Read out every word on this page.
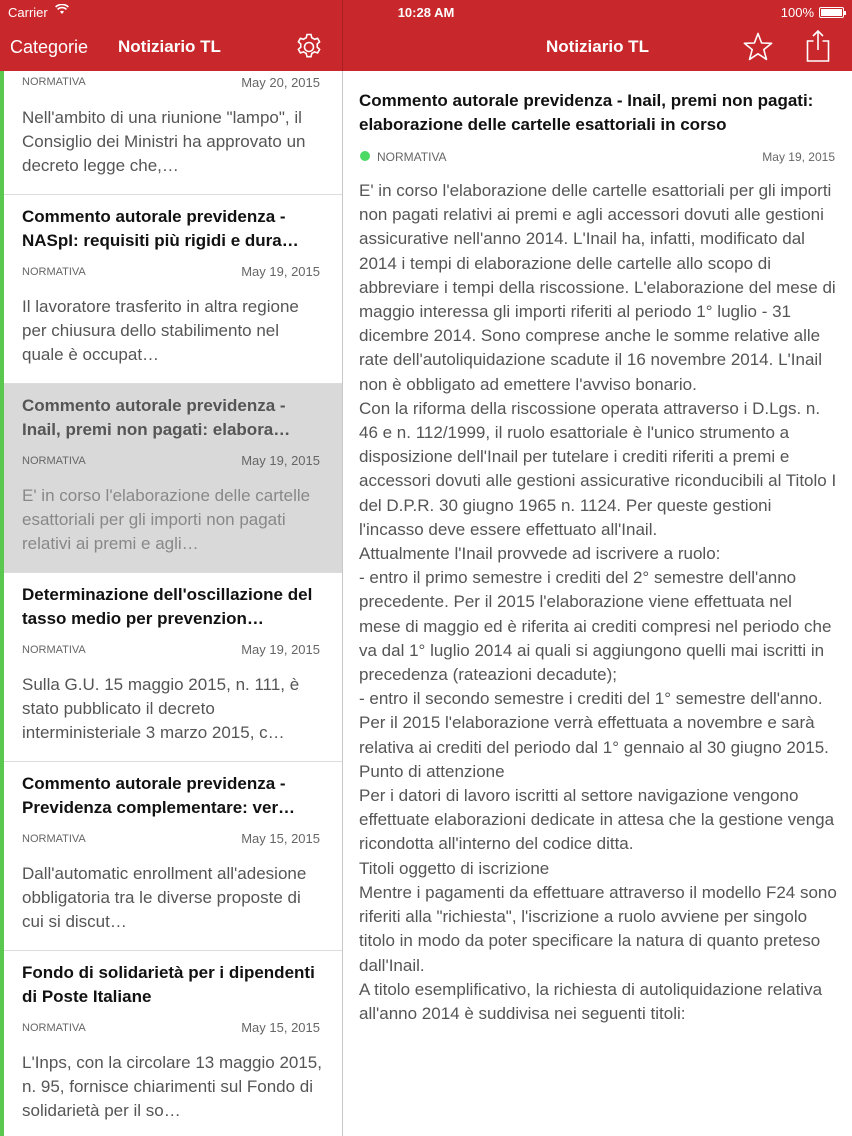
Carrier	10:28 AM	100%
Categorie Notiziario TL	Notiziario TL
NORMATIVA	May 20, 2015
Nell'ambito di una riunione "lampo", il Consiglio dei Ministri ha approvato un decreto legge che,…
Commento autorale previdenza - NASpI: requisiti più rigidi e dura…
NORMATIVA	May 19, 2015
Il lavoratore trasferito in altra regione per chiusura dello stabilimento nel quale è occupat…
Commento autorale previdenza - Inail, premi non pagati: elabora…
NORMATIVA	May 19, 2015
E' in corso l'elaborazione delle cartelle esattoriali per gli importi non pagati relativi ai premi e agli…
Determinazione dell'oscillazione del tasso medio per prevenzion…
NORMATIVA	May 19, 2015
Sulla G.U. 15 maggio 2015, n. 111, è stato pubblicato il decreto interministeriale 3 marzo 2015, c…
Commento autorale previdenza - Previdenza complementare: ver…
NORMATIVA	May 15, 2015
Dall'automatic enrollment all'adesione obbligatoria tra le diverse proposte di cui si discut…
Fondo di solidarietà per i dipendenti di Poste Italiane
NORMATIVA	May 15, 2015
L'Inps, con la circolare 13 maggio 2015, n. 95, fornisce chiarimenti sul Fondo di solidarietà per il so…
Commento autorale previdenza - Inail, premi non pagati: elaborazione delle cartelle esattoriali in corso
NORMATIVA	May 19, 2015

E' in corso l'elaborazione delle cartelle esattoriali per gli importi non pagati relativi ai premi e agli accessori dovuti alle gestioni assicurative nell'anno 2014. L'Inail ha, infatti, modificato dal 2014 i tempi di elaborazione delle cartelle allo scopo di abbreviare i tempi della riscossione. L'elaborazione del mese di maggio interessa gli importi riferiti al periodo 1° luglio - 31 dicembre 2014. Sono comprese anche le somme relative alle rate dell'autoliquidazione scadute il 16 novembre 2014. L'Inail non è obbligato ad emettere l'avviso bonario.

Con la riforma della riscossione operata attraverso i D.Lgs. n. 46 e n. 112/1999, il ruolo esattoriale è l'unico strumento a disposizione dell'Inail per tutelare i crediti riferiti a premi e accessori dovuti alle gestioni assicurative riconducibili al Titolo I del D.P.R. 30 giugno 1965 n. 1124. Per queste gestioni l'incasso deve essere effettuato all'Inail.

Attualmente l'Inail provvede ad iscrivere a ruolo:

- entro il primo semestre i crediti del 2° semestre dell'anno precedente. Per il 2015 l'elaborazione viene effettuata nel mese di maggio ed è riferita ai crediti compresi nel periodo che va dal 1° luglio 2014 ai quali si aggiungono quelli mai iscritti in precedenza (rateazioni decadute);

- entro il secondo semestre i crediti del 1° semestre dell'anno. Per il 2015 l'elaborazione verrà effettuata a novembre e sarà relativa ai crediti del periodo dal 1° gennaio al 30 giugno 2015.

Punto di attenzione

Per i datori di lavoro iscritti al settore navigazione vengono effettuate elaborazioni dedicate in attesa che la gestione venga ricondotta all'interno del codice ditta.

Titoli oggetto di iscrizione

Mentre i pagamenti da effettuare attraverso il modello F24 sono riferiti alla "richiesta", l'iscrizione a ruolo avviene per singolo titolo in modo da poter specificare la natura di quanto preteso dall'Inail.

A titolo esemplificativo, la richiesta di autoliquidazione relativa all'anno 2014 è suddivisa nei seguenti titoli:
